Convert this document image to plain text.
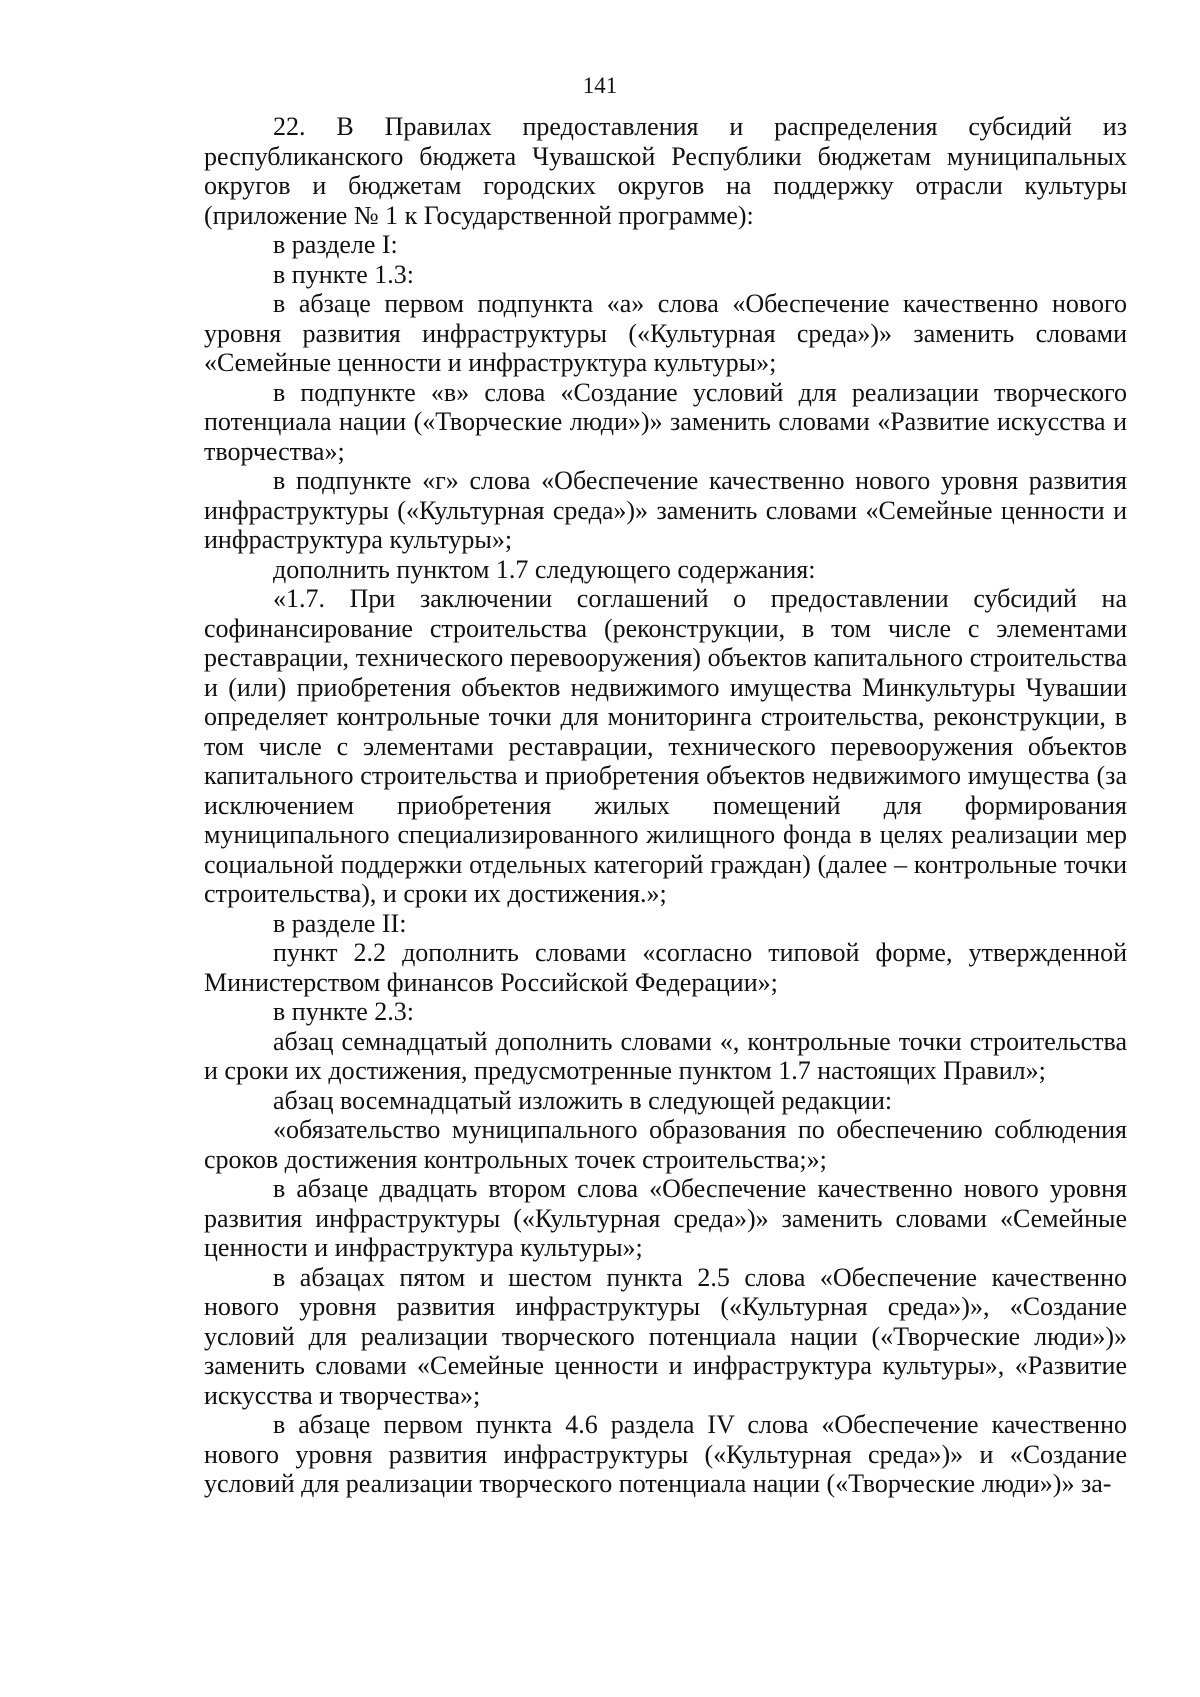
141

22. В Правилах предоставления и распределения субсидий из республиканского бюджета Чувашской Республики бюджетам муниципальных округов и бюджетам городских округов на поддержку отрасли культуры (приложение № 1 к Государственной программе):

в разделе I:

в пункте 1.3:

в абзаце первом подпункта «а» слова «Обеспечение качественно нового уровня развития инфраструктуры («Культурная среда»)» заменить словами «Семейные ценности и инфраструктура культуры»;

в подпункте «в» слова «Создание условий для реализации творческого потенциала нации («Творческие люди»)» заменить словами «Развитие искусства и творчества»;

в подпункте «г» слова «Обеспечение качественно нового уровня развития инфраструктуры («Культурная среда»)» заменить словами «Семейные ценности и инфраструктура культуры»;

дополнить пунктом 1.7 следующего содержания:

«1.7. При заключении соглашений о предоставлении субсидий на софинансирование строительства (реконструкции, в том числе с элементами реставрации, технического перевооружения) объектов капитального строительства и (или) приобретения объектов недвижимого имущества Минкультуры Чувашии определяет контрольные точки для мониторинга строительства, реконструкции, в том числе с элементами реставрации, технического перевооружения объектов капитального строительства и приобретения объектов недвижимого имущества (за исключением приобретения жилых помещений для формирования муниципального специализированного жилищного фонда в целях реализации мер социальной поддержки отдельных категорий граждан) (далее – контрольные точки строительства), и сроки их достижения.»;

в разделе II:

пункт 2.2 дополнить словами «согласно типовой форме, утвержденной Министерством финансов Российской Федерации»;

в пункте 2.3:

абзац семнадцатый дополнить словами «, контрольные точки строительства и сроки их достижения, предусмотренные пунктом 1.7 настоящих Правил»;

абзац восемнадцатый изложить в следующей редакции:

«обязательство муниципального образования по обеспечению соблюдения сроков достижения контрольных точек строительства;»;

в абзаце двадцать втором слова «Обеспечение качественно нового уровня развития инфраструктуры («Культурная среда»)» заменить словами «Семейные ценности и инфраструктура культуры»;

в абзацах пятом и шестом пункта 2.5 слова «Обеспечение качественно нового уровня развития инфраструктуры («Культурная среда»)», «Создание условий для реализации творческого потенциала нации («Творческие люди»)» заменить словами «Семейные ценности и инфраструктура культуры», «Развитие искусства и творчества»;

в абзаце первом пункта 4.6 раздела IV слова «Обеспечение качественно нового уровня развития инфраструктуры («Культурная среда»)» и «Создание условий для реализации творческого потенциала нации («Творческие люди»)» за-
